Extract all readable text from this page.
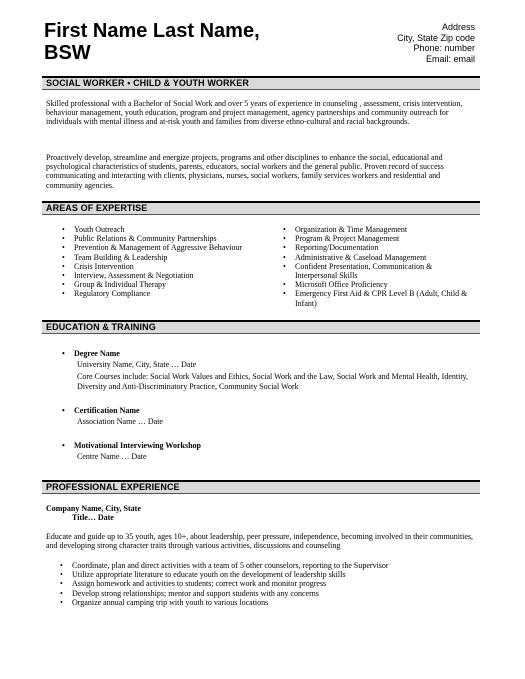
First Name Last Name,
BSW
Address
City, State Zip code
Phone: number
Email: email
SOCIAL WORKER • CHILD & YOUTH WORKER
Skilled professional with a Bachelor of Social Work and over 5 years of experience in counseling , assessment, crisis intervention, behaviour management, youth education, program and project management, agency partnerships and community outreach for individuals with mental illness and at-risk youth and families from diverse ethno-cultural and racial backgrounds.
Proactively develop, streamline and energize projects, programs and other disciplines to enhance the social, educational and psychological characteristics of students, parents, educators, social workers and the general public. Proven record of success communicating and interacting with clients, physicians, nurses, social workers, family services workers and residential and community agencies.
AREAS OF EXPERTISE
• Youth Outreach
• Public Relations & Community Partnerships
• Prevention & Management of Aggressive Behaviour
• Team Building & Leadership
• Crisis Intervention
• Interview, Assessment & Negotiation
• Group & Individual Therapy
• Regulatory Compliance
• Organization & Time Management
• Program & Project Management
• Reporting/Documentation
• Administrative & Caseload Management
• Confident Presentation, Communication & Interpersonal Skills
• Microsoft Office Proficiency
• Emergency First Aid & CPR Level B (Adult, Child & Infant)
EDUCATION & TRAINING
• Degree Name
University Name, City, State … Date
Core Courses include: Social Work Values and Ethics, Social Work and the Law, Social Work and Mental Health, Identity, Diversity and Anti-Discriminatory Practice, Community Social Work
• Certification Name
Association Name … Date
• Motivational Interviewing Workshop
Centre Name … Date
PROFESSIONAL EXPERIENCE
Company Name, City, State
Title… Date
Educate and guide up to 35 youth, ages 10+, about leadership, peer pressure, independence, becoming involved in their communities, and developing strong character traits through various activities, discussions and counseling
• Coordinate, plan and direct activities with a team of 5 other counselors, reporting to the Supervisor
• Utilize appropriate literature to educate youth on the development of leadership skills
• Assign homework and activities to students; correct work and monitor progress
• Develop strong relationships; mentor and support students with any concerns
• Organize annual camping trip with youth to various locations
